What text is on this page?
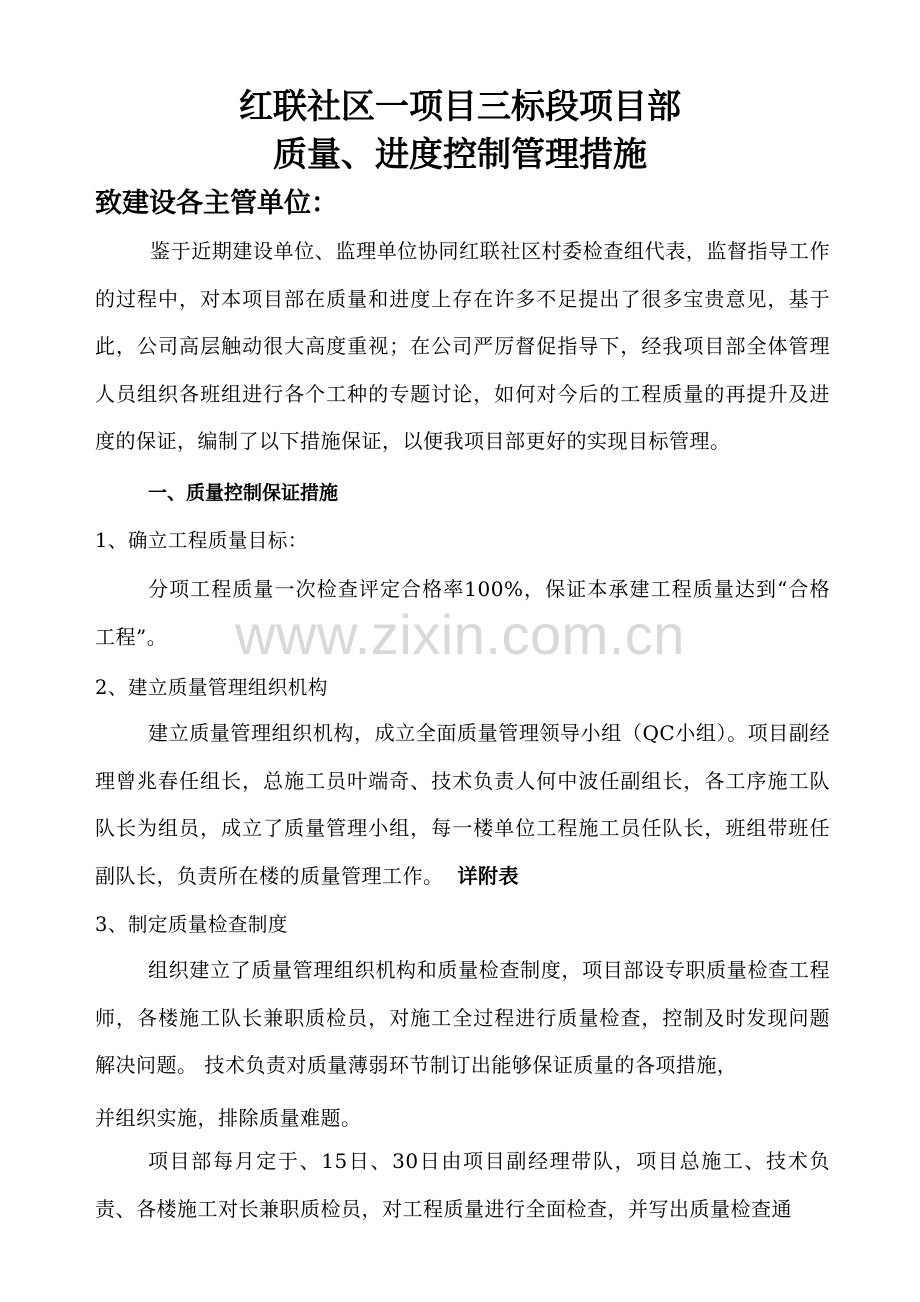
红联社区一项目三标段项目部
质量、进度控制管理措施
致建设各主管单位：

鉴于近期建设单位、监理单位协同红联社区村委检查组代表，监督指导工作的过程中，对本项目部在质量和进度上存在许多不足提出了很多宝贵意见，基于此，公司高层触动很大高度重视；在公司严厉督促指导下，经我项目部全体管理人员组织各班组进行各个工种的专题讨论，如何对今后的工程质量的再提升及进度的保证，编制了以下措施保证，以便我项目部更好的实现目标管理。

一、质量控制保证措施
1、确立工程质量目标：

分项工程质量一次检查评定合格率100%，保证本承建工程质量达到“合格工程”。

2、建立质量管理组织机构

建立质量管理组织机构，成立全面质量管理领导小组（QC小组）。项目副经理曾兆春任组长，总施工员叶端奇、技术负责人何中波任副组长，各工序施工队队长为组员，成立了质量管理小组，每一楼单位工程施工员任队长，班组带班任副队长，负责所在楼的质量管理工作。 详附表

3、制定质量检查制度

组织建立了质量管理组织机构和质量检查制度，项目部设专职质量检查工程师，各楼施工队长兼职质检员，对施工全过程进行质量检查，控制及时发现问题解决问题。 技术负责对质量薄弱环节制订出能够保证质量的各项措施，

并组织实施，排除质量难题。

项目部每月定于、15日、30日由项目副经理带队，项目总施工、技术负责、各楼施工对长兼职质检员，对工程质量进行全面检查，并写出质量检查通

www.zixin.com.cn
